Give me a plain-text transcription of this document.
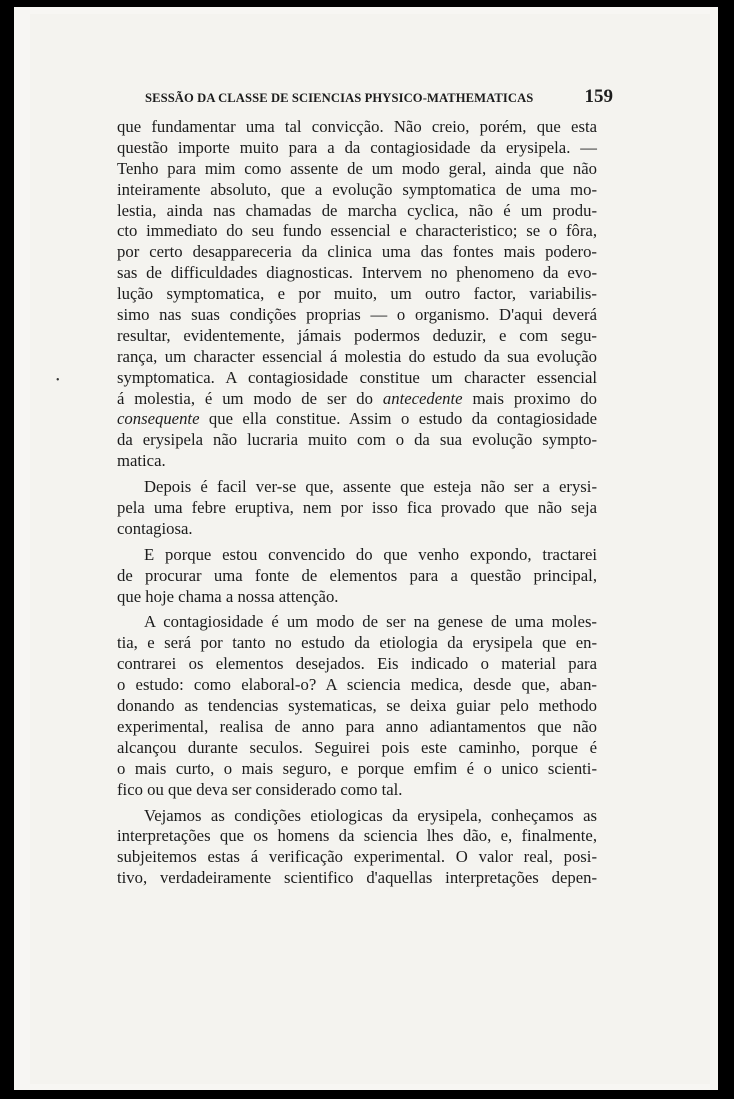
SESSÃO DA CLASSE DE SCIENCIAS PHYSICO-MATHEMATICAS	159
que fundamentar uma tal convicção. Não creio, porém, que esta
questão importe muito para a da contagiosidade da erysipela. —
Tenho para mim como assente de um modo geral, ainda que não
inteiramente absoluto, que a evolução symptomatica de uma mo-
lestia, ainda nas chamadas de marcha cyclica, não é um produ-
cto immediato do seu fundo essencial e characteristico; se o fôra,
por certo desappareceria da clinica uma das fontes mais podero-
sas de difficuldades diagnosticas. Intervem no phenomeno da evo-
lução symptomatica, e por muito, um outro factor, variabilis-
simo nas suas condições proprias — o organismo. D'aqui deverá
resultar, evidentemente, jámais podermos deduzir, e com segu-
rança, um character essencial á molestia do estudo da sua evolução
symptomatica. A contagiosidade constitue um character essencial
á molestia, é um modo de ser do antecedente mais proximo do
consequente que ella constitue. Assim o estudo da contagiosidade
da erysipela não lucraria muito com o da sua evolução sympto-
matica.
Depois é facil ver-se que, assente que esteja não ser a erysi-
pela uma febre eruptiva, nem por isso fica provado que não seja
contagiosa.
E porque estou convencido do que venho expondo, tractarei
de procurar uma fonte de elementos para a questão principal,
que hoje chama a nossa attenção.
A contagiosidade é um modo de ser na genese de uma moles-
tia, e será por tanto no estudo da etiologia da erysipela que en-
contrarei os elementos desejados. Eis indicado o material para
o estudo: como elaboral-o? A sciencia medica, desde que, aban-
donando as tendencias systematicas, se deixa guiar pelo methodo
experimental, realisa de anno para anno adiantamentos que não
alcançou durante seculos. Seguirei pois este caminho, porque é
o mais curto, o mais seguro, e porque emfim é o unico scienti-
fico ou que deva ser considerado como tal.
Vejamos as condições etiologicas da erysipela, conheçamos as
interpretações que os homens da sciencia lhes dão, e, finalmente,
subjeitemos estas á verificação experimental. O valor real, posi-
tivo, verdadeiramente scientifico d'aquellas interpretações depen-
•
